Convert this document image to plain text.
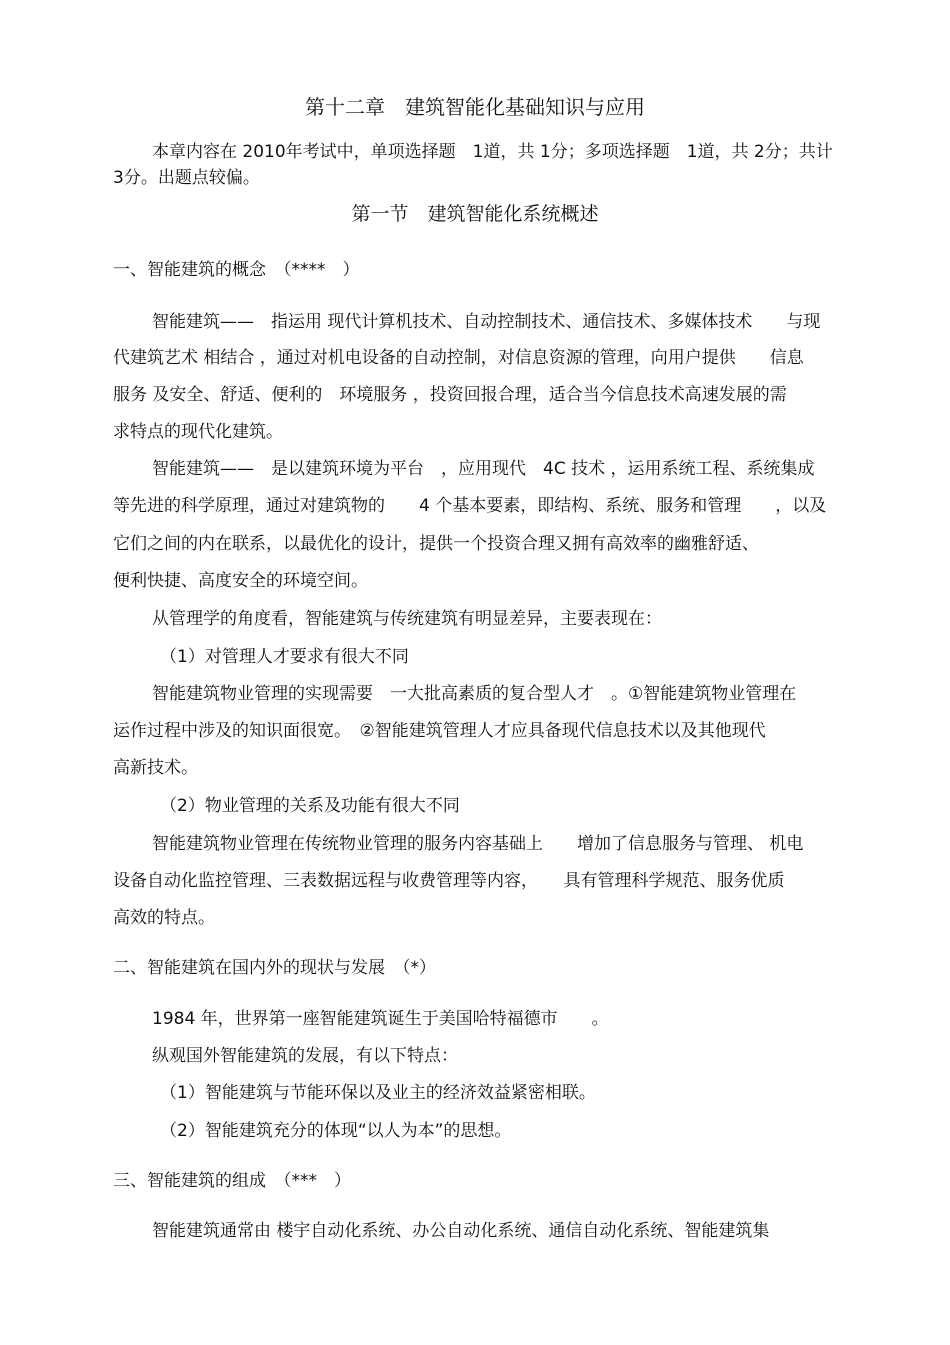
第十二章　建筑智能化基础知识与应用
本章内容在 2010年考试中，单项选择题　1道，共 1分；多项选择题　1道，共 2分；共计
3分。出题点较偏。
第一节　建筑智能化系统概述
一、智能建筑的概念　（****　）
智能建筑——　指运用 现代计算机技术、自动控制技术、通信技术、多媒体技术　　与现
代建筑艺术 相结合 ，通过对机电设备的自动控制，对信息资源的管理，向用户提供　　信息
服务 及安全、舒适、便利的　环境服务 ，投资回报合理，适合当今信息技术高速发展的需
求特点的现代化建筑。
智能建筑——　是以建筑环境为平台　，应用现代　4C 技术 ，运用系统工程、系统集成
等先进的科学原理，通过对建筑物的　　4 个基本要素，即结构、系统、服务和管理　　，以及
它们之间的内在联系，以最优化的设计，提供一个投资合理又拥有高效率的幽雅舒适、
便利快捷、高度安全的环境空间。
从管理学的角度看，智能建筑与传统建筑有明显差异，主要表现在：
（1）对管理人才要求有很大不同
智能建筑物业管理的实现需要　一大批高素质的复合型人才　。①智能建筑物业管理在
运作过程中涉及的知识面很宽。　②智能建筑管理人才应具备现代信息技术以及其他现代
高新技术。
（2）物业管理的关系及功能有很大不同
智能建筑物业管理在传统物业管理的服务内容基础上　　增加了信息服务与管理、 机电
设备自动化监控管理、三表数据远程与收费管理等内容，　　具有管理科学规范、服务优质
高效的特点。
二、智能建筑在国内外的现状与发展　（*）
1984 年，世界第一座智能建筑诞生于美国哈特福德市　　。
纵观国外智能建筑的发展，有以下特点：
（1）智能建筑与节能环保以及业主的经济效益紧密相联。
（2）智能建筑充分的体现“以人为本”的思想。
三、智能建筑的组成　（***　）
智能建筑通常由 楼宇自动化系统、办公自动化系统、通信自动化系统、智能建筑集
